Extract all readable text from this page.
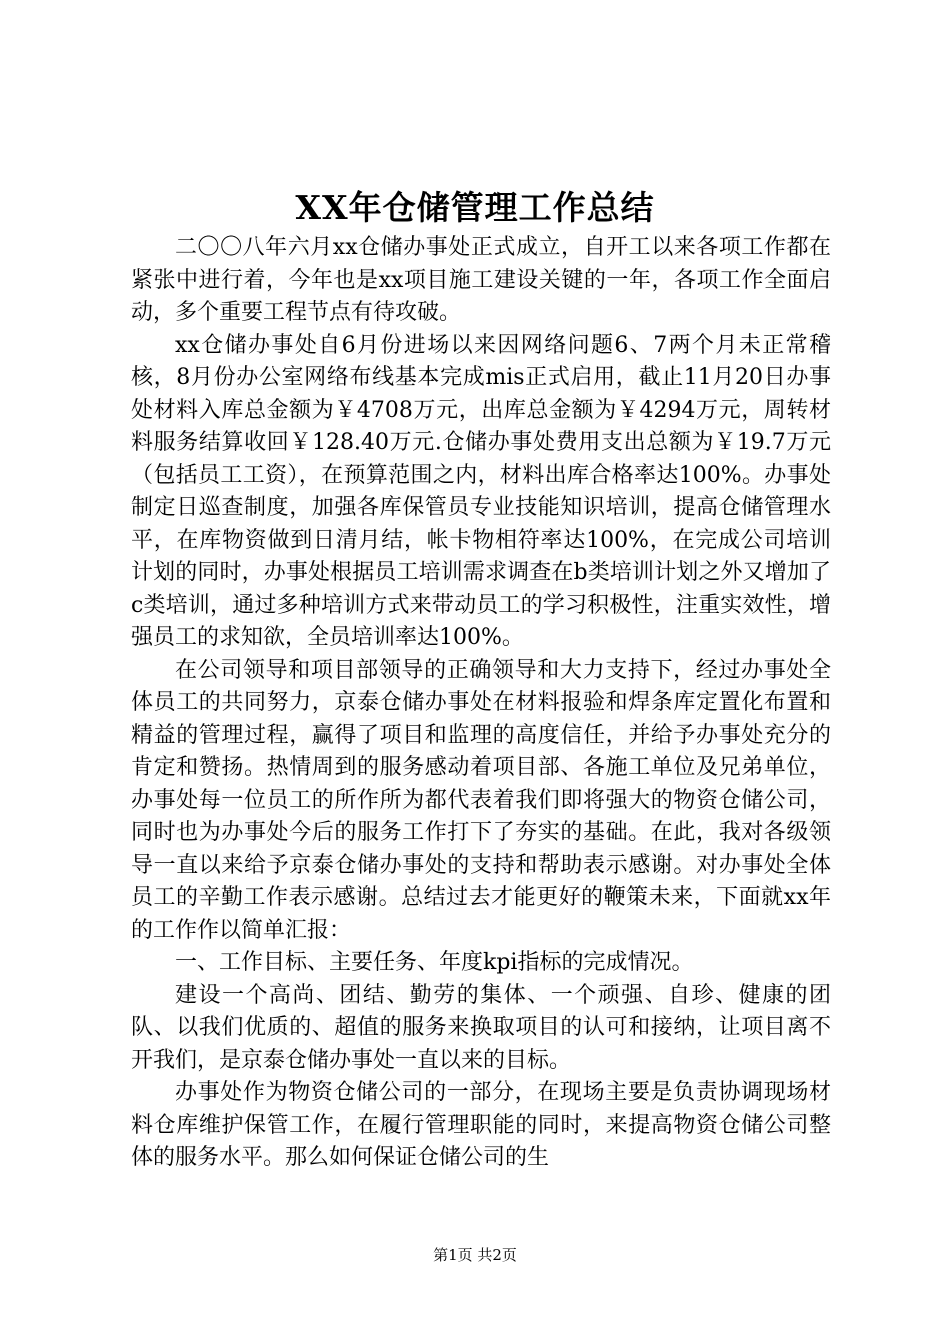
XX年仓储管理工作总结

二〇〇八年六月xx仓储办事处正式成立，自开工以来各项工作都在紧张中进行着，今年也是xx项目施工建设关键的一年，各项工作全面启动，多个重要工程节点有待攻破。

xx仓储办事处自6月份进场以来因网络问题6、7两个月未正常稽核，8月份办公室网络布线基本完成mis正式启用，截止11月20日办事处材料入库总金额为￥4708万元，出库总金额为￥4294万元，周转材料服务结算收回￥128.40万元.仓储办事处费用支出总额为￥19.7万元（包括员工工资），在预算范围之内，材料出库合格率达100%。办事处制定日巡查制度，加强各库保管员专业技能知识培训，提高仓储管理水平，在库物资做到日清月结，帐卡物相符率达100%，在完成公司培训计划的同时，办事处根据员工培训需求调查在b类培训计划之外又增加了c类培训，通过多种培训方式来带动员工的学习积极性，注重实效性，增强员工的求知欲，全员培训率达100%。

在公司领导和项目部领导的正确领导和大力支持下，经过办事处全体员工的共同努力，京泰仓储办事处在材料报验和焊条库定置化布置和精益的管理过程，赢得了项目和监理的高度信任，并给予办事处充分的肯定和赞扬。热情周到的服务感动着项目部、各施工单位及兄弟单位，办事处每一位员工的所作所为都代表着我们即将强大的物资仓储公司，同时也为办事处今后的服务工作打下了夯实的基础。在此，我对各级领导一直以来给予京泰仓储办事处的支持和帮助表示感谢。对办事处全体员工的辛勤工作表示感谢。总结过去才能更好的鞭策未来，下面就xx年的工作作以简单汇报：

一、工作目标、主要任务、年度kpi指标的完成情况。

建设一个高尚、团结、勤劳的集体、一个顽强、自珍、健康的团队、以我们优质的、超值的服务来换取项目的认可和接纳，让项目离不开我们，是京泰仓储办事处一直以来的目标。

办事处作为物资仓储公司的一部分，在现场主要是负责协调现场材料仓库维护保管工作，在履行管理职能的同时，来提高物资仓储公司整体的服务水平。那么如何保证仓储公司的生

第1页 共2页
